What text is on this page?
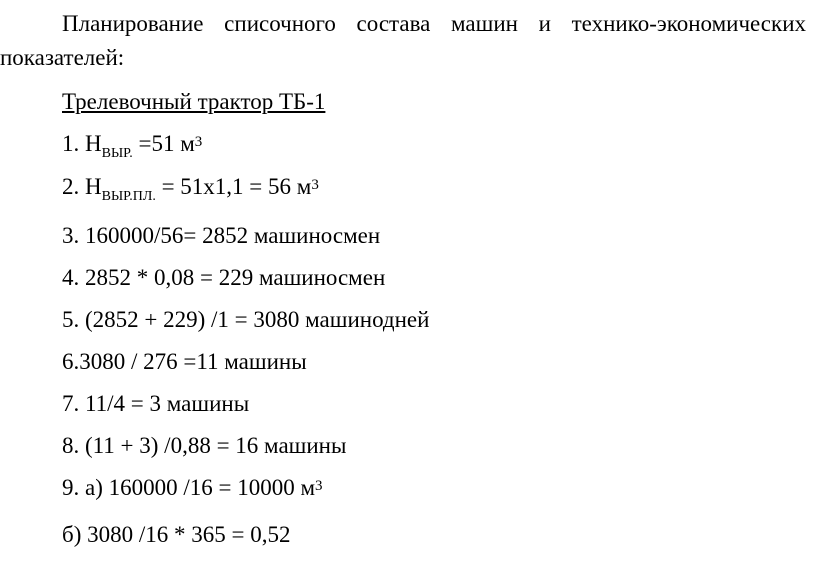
Планирование списочного состава машин и технико-экономических
показателей:
Трелевочный трактор ТБ-1
1. $Н_{ВЫР.} =51$ $м^3$
2. $Н_{ВЫР.ПЛ.} = 51х1,1 = 56$ $м^3$
3. 160000/56= 2852 машиносмен
4. 2852 * 0,08 = 229 машиносмен
5. (2852 + 229) /1 = 3080 машинодней
6.3080 / 276 =11 машины
7. 11/4 = 3 машины
8. (11 + 3) /0,88 = 16 машины
9. а) 160000 /16 = 10000 $м^3$
б) 3080 /16 * 365 = 0,52
